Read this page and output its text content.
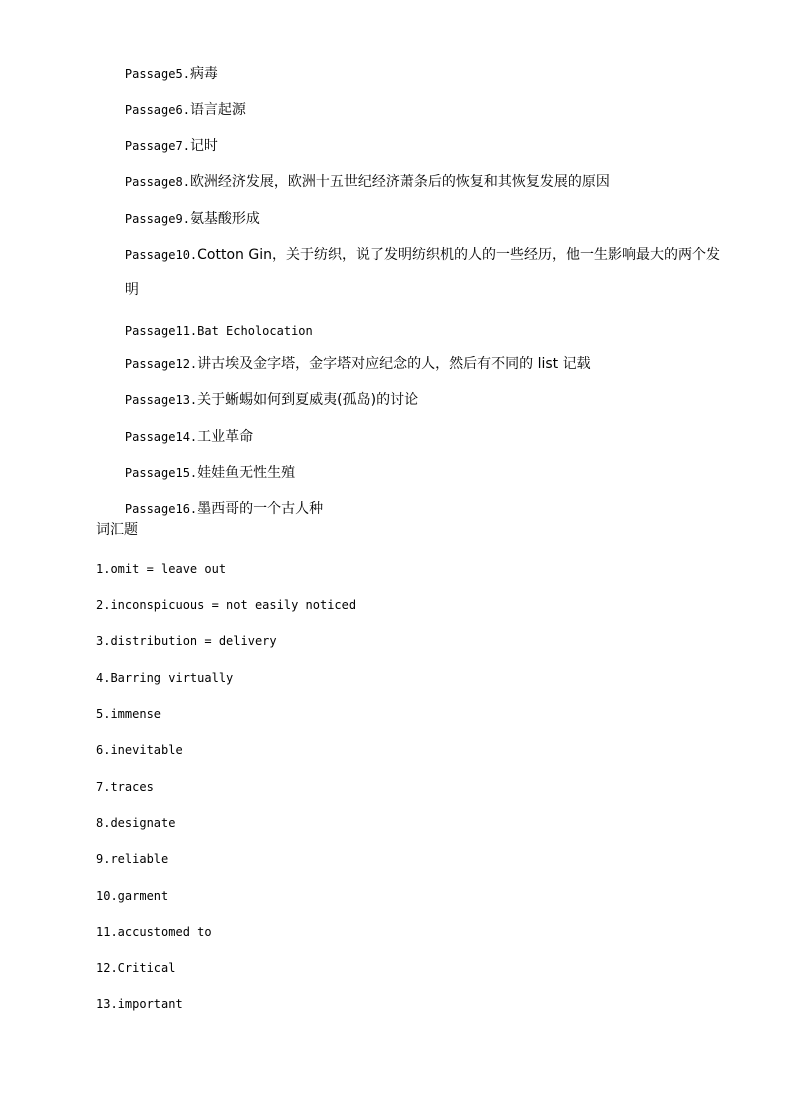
Passage5.病毒

Passage6.语言起源

Passage7.记时

Passage8.欧洲经济发展，欧洲十五世纪经济萧条后的恢复和其恢复发展的原因

Passage9.氨基酸形成

Passage10.Cotton Gin，关于纺织，说了发明纺织机的人的一些经历，他一生影响最大的两个发

明

Passage11.Bat Echolocation

Passage12.讲古埃及金字塔，金字塔对应纪念的人，然后有不同的 list 记载

Passage13.关于蜥蜴如何到夏威夷(孤岛)的讨论

Passage14.工业革命

Passage15.娃娃鱼无性生殖

Passage16.墨西哥的一个古人种

词汇题
1.omit = leave out
2.inconspicuous = not easily noticed
3.distribution = delivery
4.Barring virtually
5.immense
6.inevitable
7.traces
8.designate
9.reliable
10.garment
11.accustomed to
12.Critical
13.important
